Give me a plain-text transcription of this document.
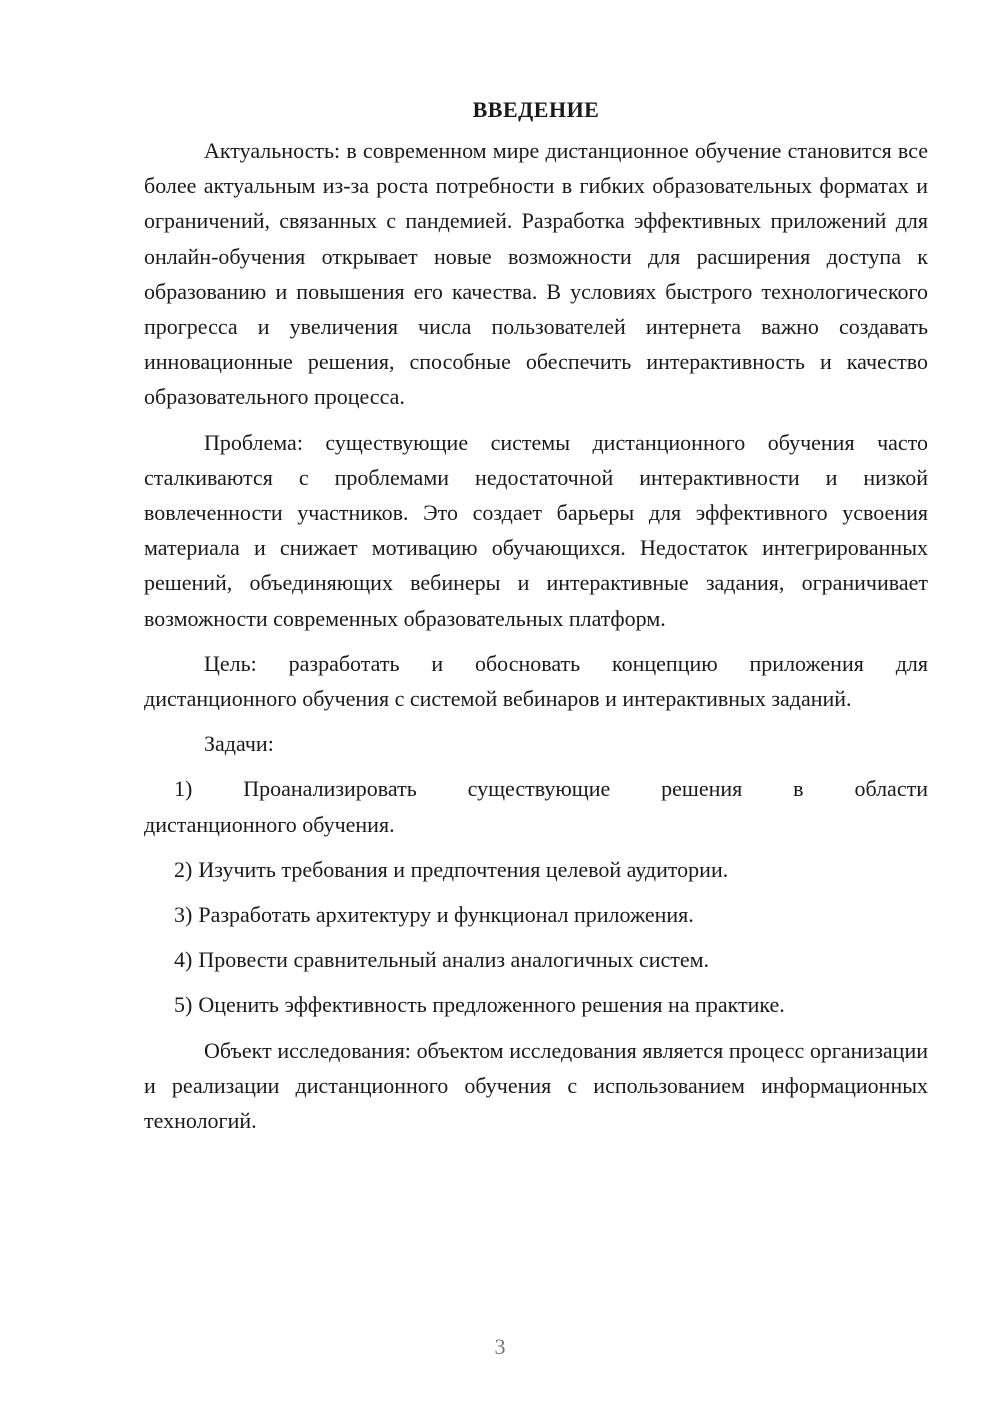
ВВЕДЕНИЕ

Актуальность: в современном мире дистанционное обучение становится все более актуальным из-за роста потребности в гибких образовательных форматах и ограничений, связанных с пандемией. Разработка эффективных приложений для онлайн-обучения открывает новые возможности для расширения доступа к образованию и повышения его качества. В условиях быстрого технологического прогресса и увеличения числа пользователей интернета важно создавать инновационные решения, способные обеспечить интерактивность и качество образовательного процесса.

Проблема: существующие системы дистанционного обучения часто сталкиваются с проблемами недостаточной интерактивности и низкой вовлеченности участников. Это создает барьеры для эффективного усвоения материала и снижает мотивацию обучающихся. Недостаток интегрированных решений, объединяющих вебинеры и интерактивные задания, ограничивает возможности современных образовательных платформ.

Цель: разработать и обосновать концепцию приложения для дистанционного обучения с системой вебинаров и интерактивных заданий.

Задачи:

1) Проанализировать существующие решения в области

дистанционного обучения.

2) Изучить требования и предпочтения целевой аудитории.

3) Разработать архитектуру и функционал приложения.

4) Провести сравнительный анализ аналогичных систем.

5) Оценить эффективность предложенного решения на практике.

Объект исследования: объектом исследования является процесс организации и реализации дистанционного обучения с использованием информационных технологий.

3
